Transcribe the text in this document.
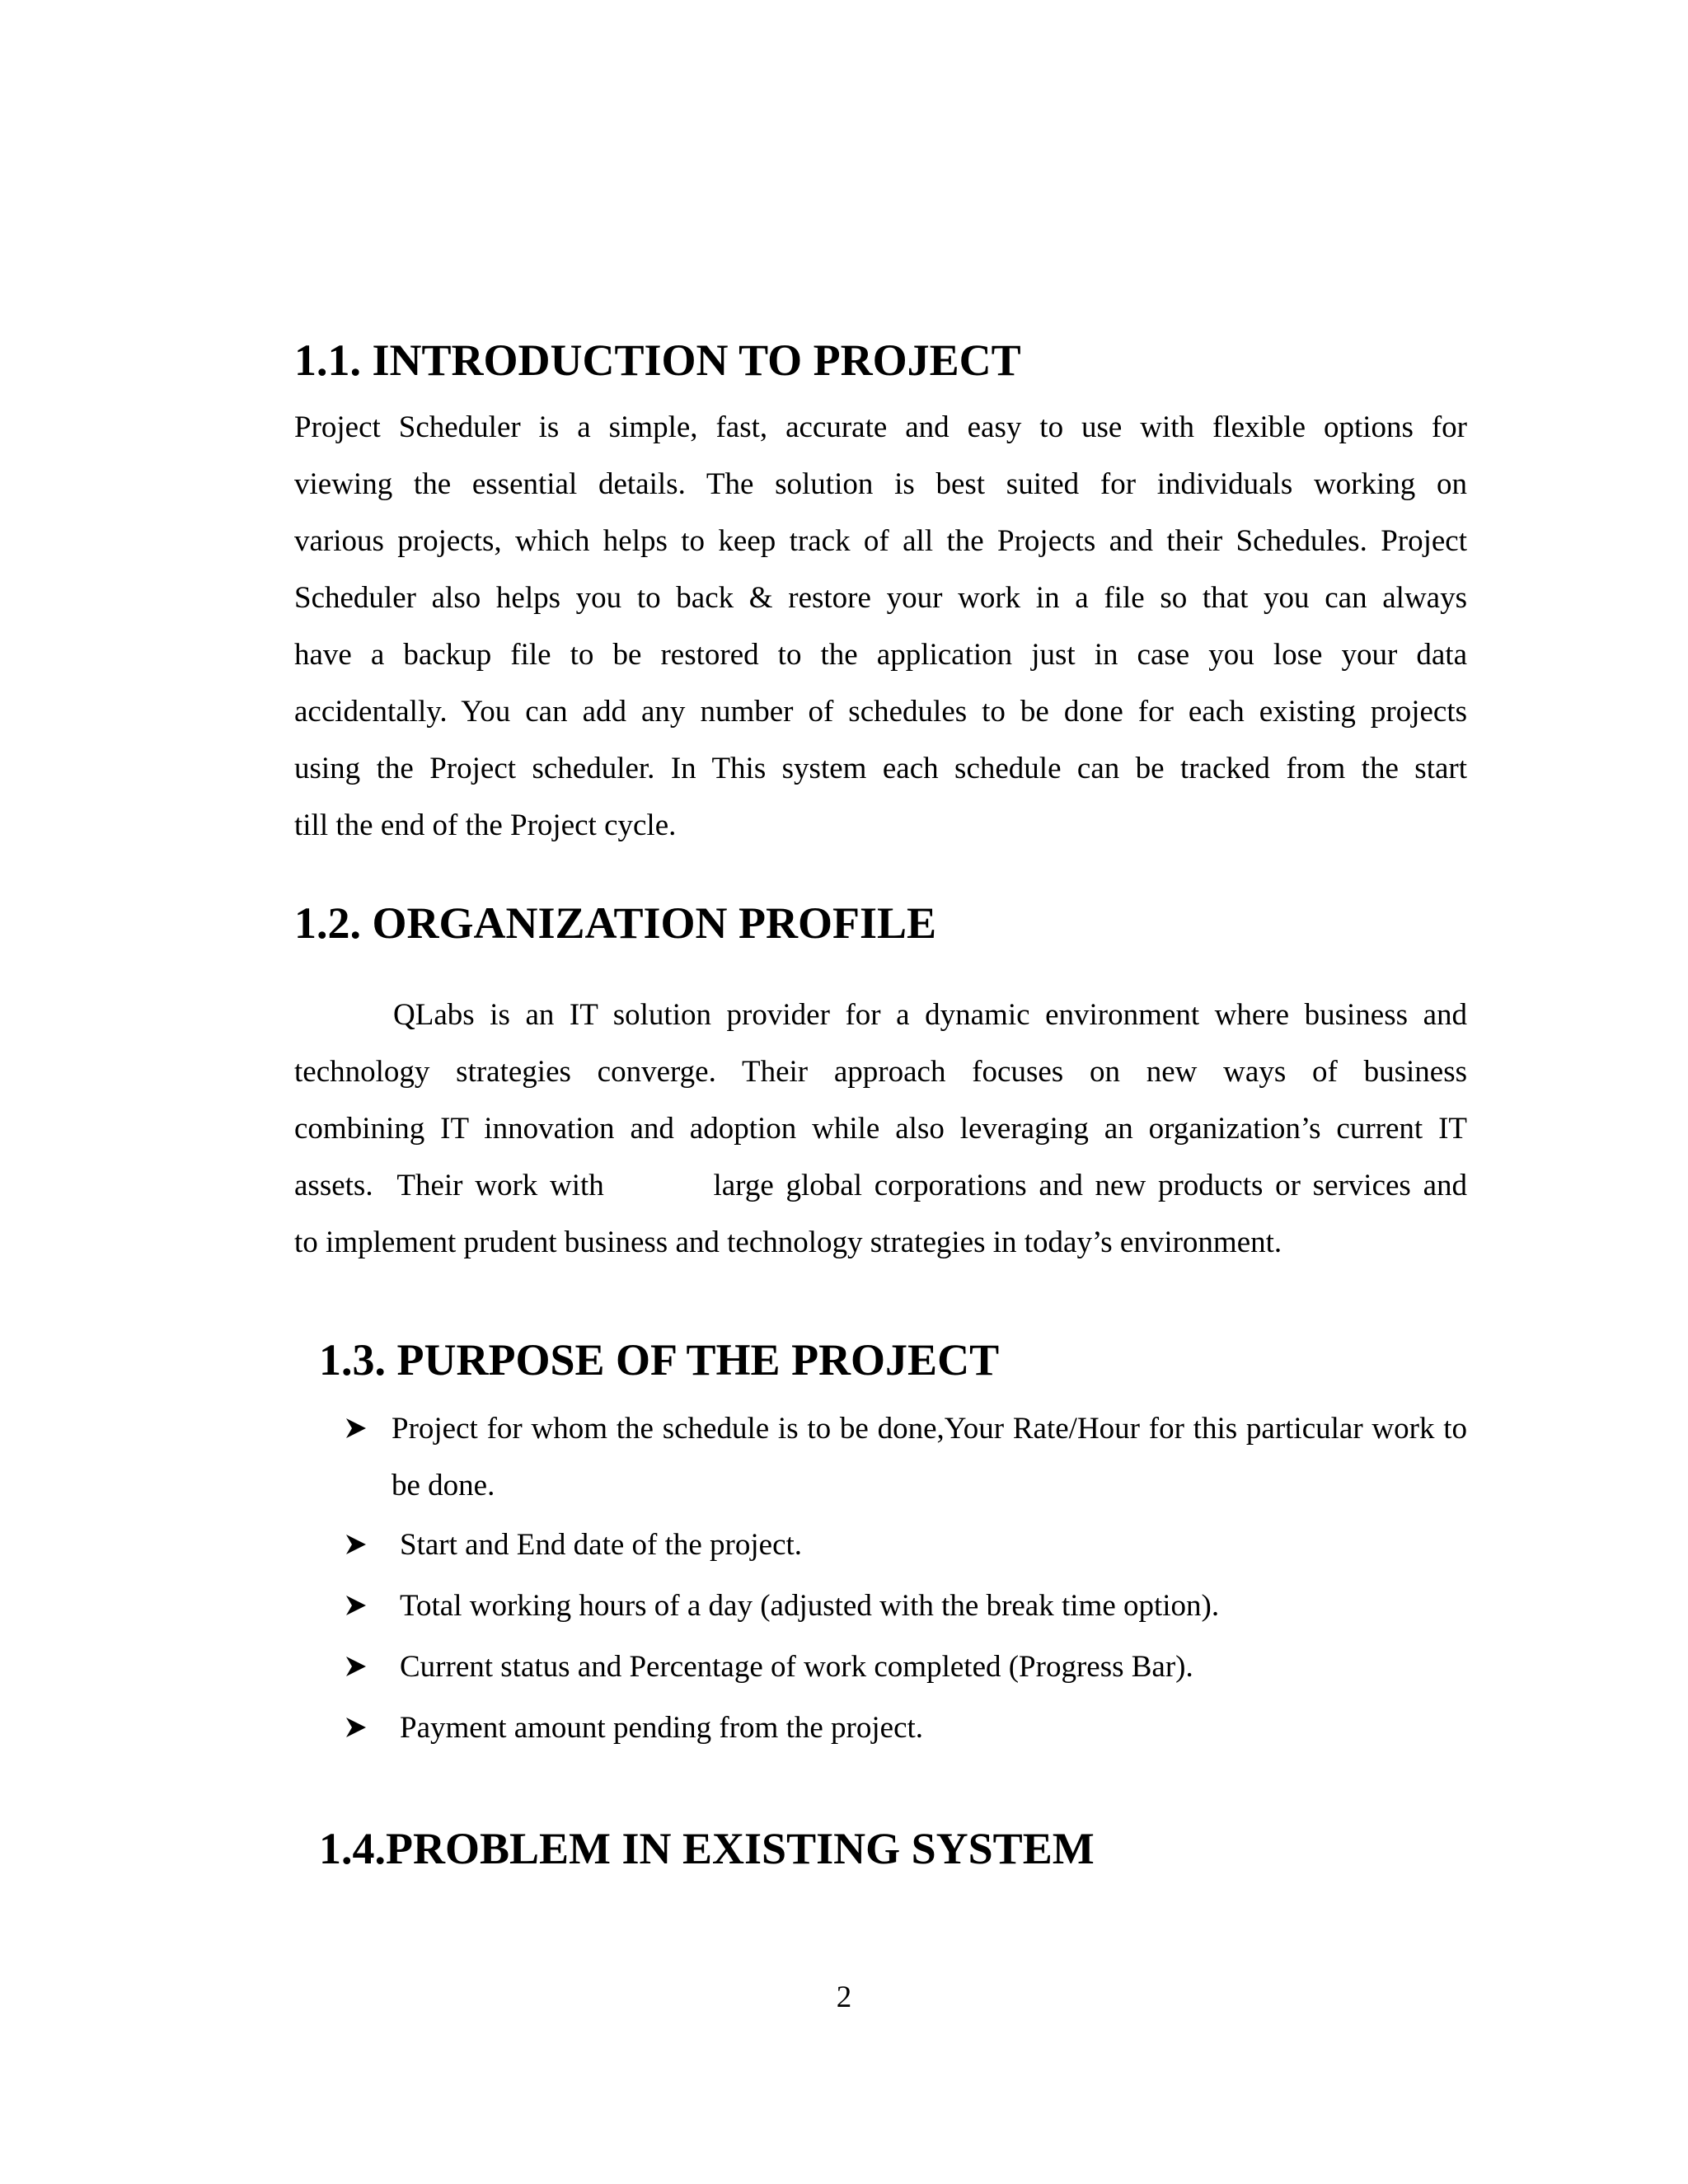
1.1. INTRODUCTION TO PROJECT
Project Scheduler is a simple, fast, accurate and easy to use with flexible options for
viewing the essential details. The solution is best suited for individuals working on
various projects, which helps to keep track of all the Projects and their Schedules. Project
Scheduler also helps you to back & restore your work in a file so that you can always
have a backup file to be restored to the application just in case you lose your data
accidentally. You can add any number of schedules to be done for each existing projects
using the Project scheduler. In This system each schedule can be tracked from the start
till the end of the Project cycle.
1.2. ORGANIZATION PROFILE
QLabs is an IT solution provider for a dynamic environment where business and
technology strategies converge. Their approach focuses on new ways of business
combining IT innovation and adoption while also leveraging an organization’s current IT
assets.  Their work with         large global corporations and new products or services and
to implement prudent business and technology strategies in today’s environment.
1.3. PURPOSE OF THE PROJECT
Project for whom the schedule is to be done,Your Rate/Hour for this particular work to be done.
Start and End date of the project.
Total working hours of a day (adjusted with the break time option).
Current status and Percentage of work completed (Progress Bar).
Payment amount pending from the project.
1.4.PROBLEM IN EXISTING SYSTEM
2
